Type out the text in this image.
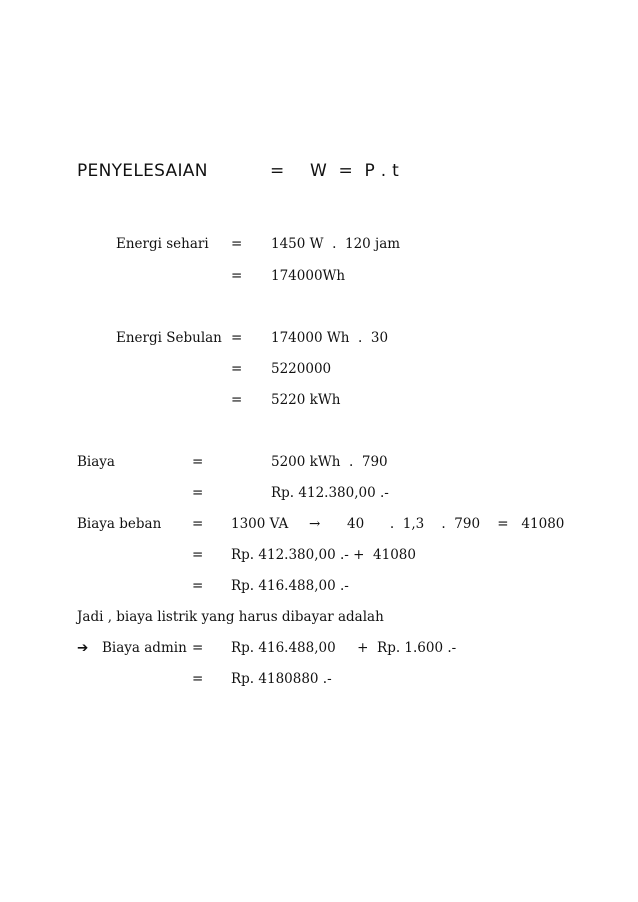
PENYELESAIAN	= W  =  P . t
Energi sehari = 1450 W  .  120 jam
= 174000Wh
Energi Sebulan = 174000 Wh  .  30
= 5220000
= 5220 kWh
Biaya	=	5200 kWh  .  790
=	Rp. 412.380,00 .-
Biaya beban = 1300 VA → 40      .  1,3    .  790    =   41080
= Rp. 412.380,00 .- +  41080
= Rp. 416.488,00 .-
Jadi , biaya listrik yang harus dibayar adalah
➔ Biaya admin = Rp. 416.488,00     +  Rp. 1.600 .-
= Rp. 4180880 .-
